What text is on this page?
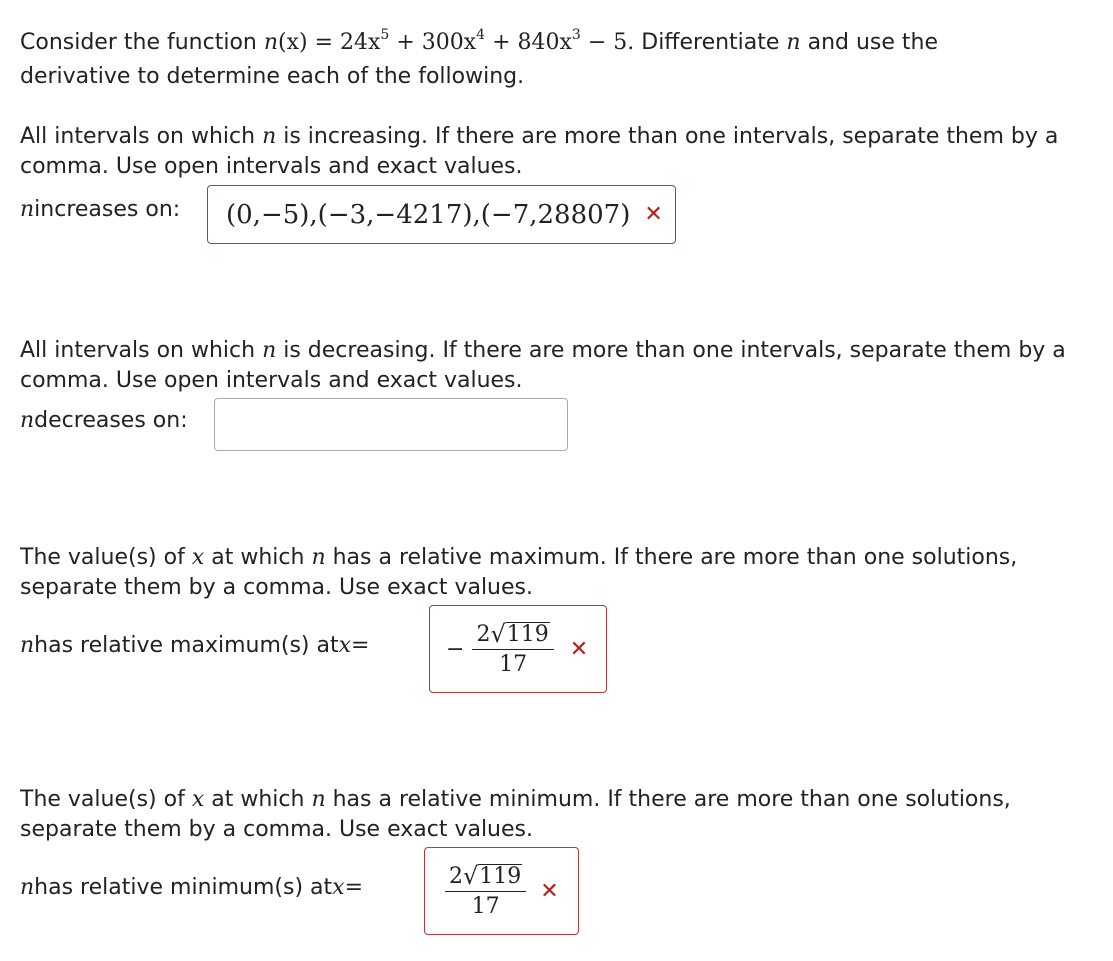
Consider the function $n(x) = 24x^5 + 300x^4 + 840x^3 - 5$. Differentiate n and use the
derivative to determine each of the following.
All intervals on which n is increasing. If there are more than one intervals, separate them by a
comma. Use open intervals and exact values.
n increases on: (0,−5),(−3,−4217),(−7,28807) ✕
All intervals on which n is decreasing. If there are more than one intervals, separate them by a
comma. Use open intervals and exact values.
n decreases on:
The value(s) of x at which n has a relative maximum. If there are more than one solutions,
separate them by a comma. Use exact values.
n has relative maximum(s) at x =	− $\frac{2 √ 119}{17}$ ✕
The value(s) of x at which n has a relative minimum. If there are more than one solutions,
separate them by a comma. Use exact values.
n has relative minimum(s) at x =	$\frac{2 √ 119}{17}$ ✕
